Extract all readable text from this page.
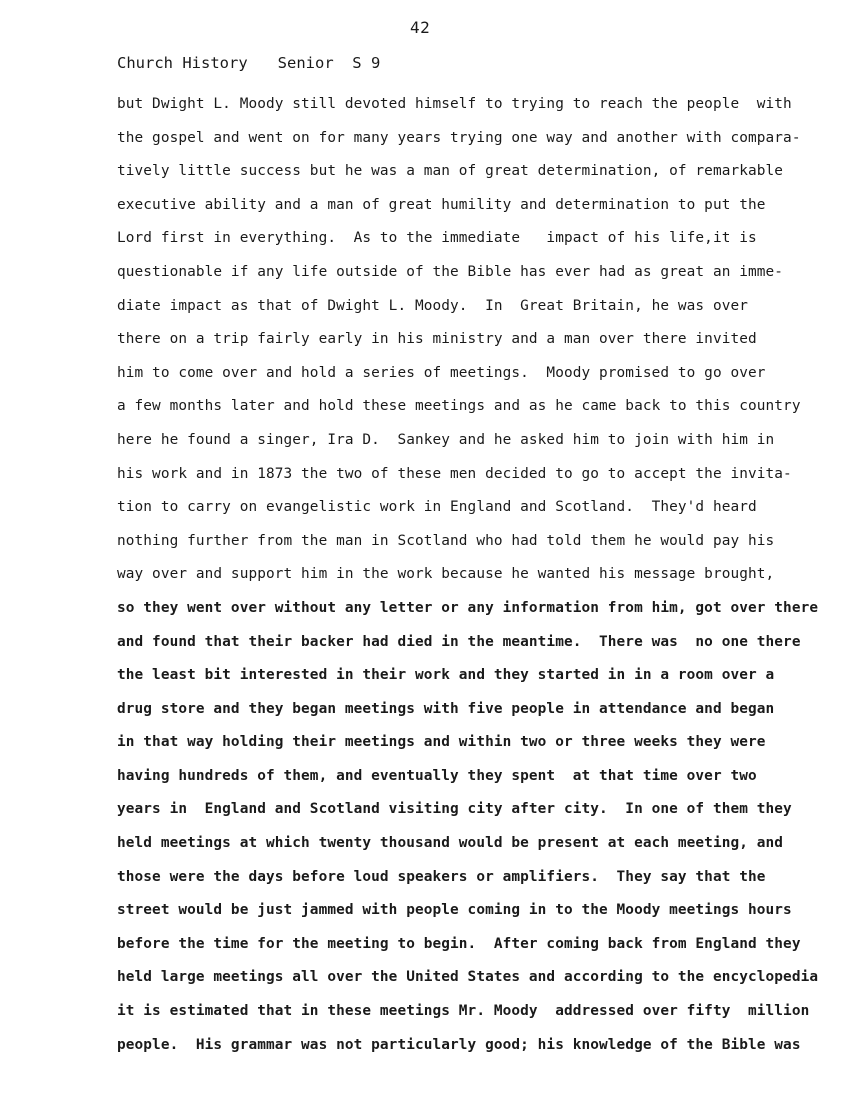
42
Church History Senior  S 9
but Dwight L. Moody still devoted himself to trying to reach the people  with
the gospel and went on for many years trying one way and another with compara-
tively little success but he was a man of great determination, of remarkable
executive ability and a man of great humility and determination to put the
Lord first in everything.  As to the immediate   impact of his life,it is
questionable if any life outside of the Bible has ever had as great an imme-
diate impact as that of Dwight L. Moody.  In  Great Britain, he was over
there on a trip fairly early in his ministry and a man over there invited
him to come over and hold a series of meetings.  Moody promised to go over
a few months later and hold these meetings and as he came back to this country
here he found a singer, Ira D.  Sankey and he asked him to join with him in
his work and in 1873 the two of these men decided to go to accept the invita-
tion to carry on evangelistic work in England and Scotland.  They'd heard
nothing further from the man in Scotland who had told them he would pay his
way over and support him in the work because he wanted his message brought,
so they went over without any letter or any information from him, got over there
and found that their backer had died in the meantime.  There was  no one there
the least bit interested in their work and they started in in a room over a
drug store and they began meetings with five people in attendance and began
in that way holding their meetings and within two or three weeks they were
having hundreds of them, and eventually they spent  at that time over two
years in  England and Scotland visiting city after city.  In one of them they
held meetings at which twenty thousand would be present at each meeting, and
those were the days before loud speakers or amplifiers.  They say that the
street would be just jammed with people coming in to the Moody meetings hours
before the time for the meeting to begin.  After coming back from England they
held large meetings all over the United States and according to the encyclopedia
it is estimated that in these meetings Mr. Moody  addressed over fifty  million
people.  His grammar was not particularly good; his knowledge of the Bible was
